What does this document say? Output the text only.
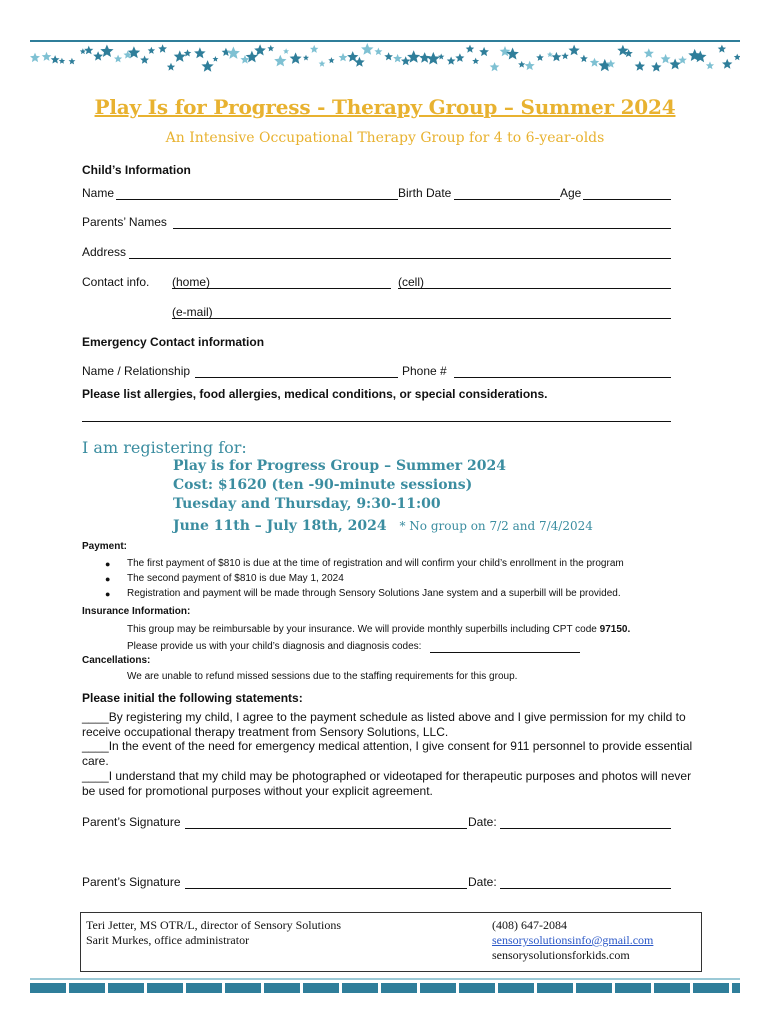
Play Is for Progress - Therapy Group – Summer 2024
An Intensive Occupational Therapy Group for 4 to 6-year-olds
Child’s Information
Name	Birth Date	Age
Parents’ Names
Address
Contact info. (home)	(cell)
(e-mail)
Emergency Contact information
Name / Relationship	Phone #
Please list allergies, food allergies, medical conditions, or special considerations.
I am registering for:
Play is for Progress Group – Summer 2024
Cost: $1620 (ten -90-minute sessions)
Tuesday and Thursday, 9:30-11:00
June 11th – July 18th, 2024 * No group on 7/2 and 7/4/2024
Payment:
● The first payment of $810 is due at the time of registration and will confirm your child’s enrollment in the program
● The second payment of $810 is due May 1, 2024
● Registration and payment will be made through Sensory Solutions Jane system and a superbill will be provided.
Insurance Information:
This group may be reimbursable by your insurance. We will provide monthly superbills including CPT code 97150.
Please provide us with your child’s diagnosis and diagnosis codes:
Cancellations:
We are unable to refund missed sessions due to the staffing requirements for this group.
Please initial the following statements:
____By registering my child, I agree to the payment schedule as listed above and I give permission for my child to receive occupational therapy treatment from Sensory Solutions, LLC.
____In the event of the need for emergency medical attention, I give consent for 911 personnel to provide essential care.
____I understand that my child may be photographed or videotaped for therapeutic purposes and photos will never be used for promotional purposes without your explicit agreement.
Parent’s Signature	Date:
Parent’s Signature	Date:
Teri Jetter, MS OTR/L, director of Sensory Solutions
Sarit Murkes, office administrator
(408) 647-2084
sensorysolutionsinfo@gmail.com
sensorysolutionsforkids.com
